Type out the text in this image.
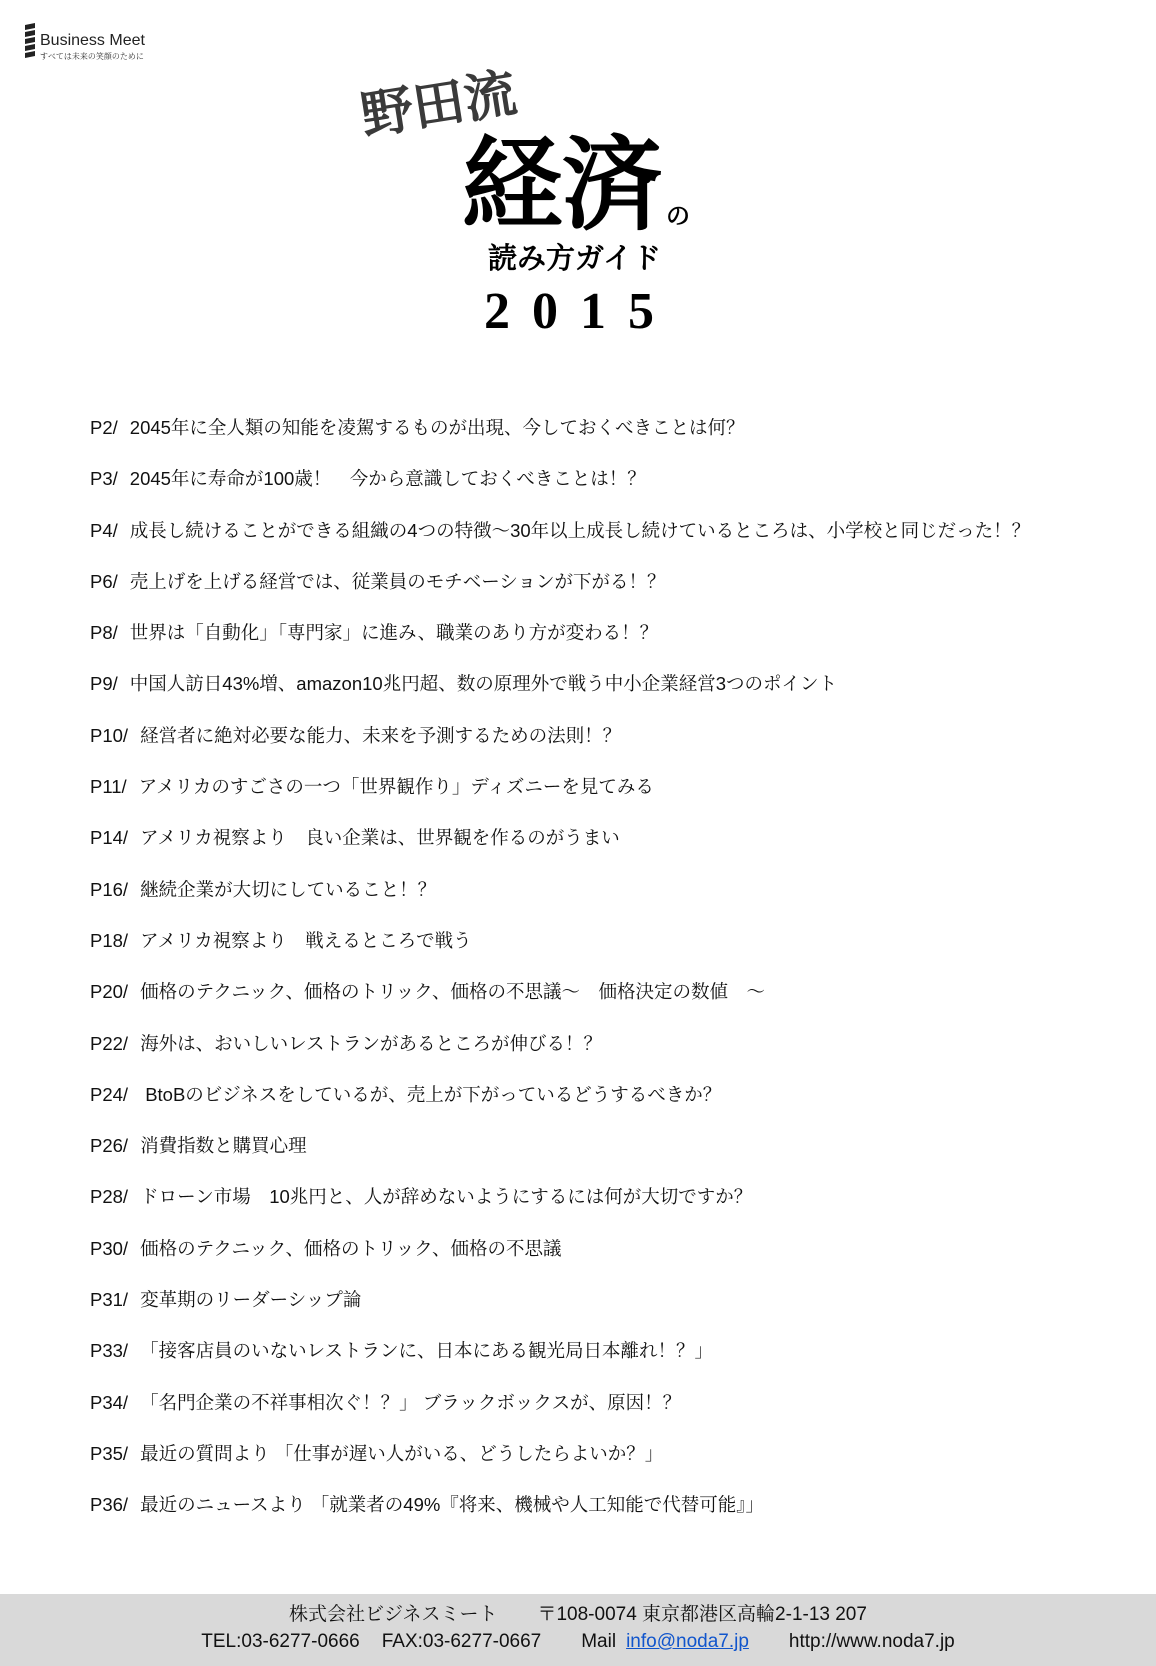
Business Meet
すべては未来の笑顔のために
野田流
経済 の
読み方ガイド
2015
P2/ 2045年に全人類の知能を凌駕するものが出現、今しておくべきことは何？
P3/ 2045年に寿命が100歳！　今から意識しておくべきことは！？
P4/ 成長し続けることができる組織の4つの特徴～30年以上成長し続けているところは、小学校と同じだった！？
P6/ 売上げを上げる経営では、従業員のモチベーションが下がる！？
P8/ 世界は「自動化」「専門家」に進み、職業のあり方が変わる！？
P9/ 中国人訪日43%増、amazon10兆円超、数の原理外で戦う中小企業経営3つのポイント
P10/ 経営者に絶対必要な能力、未来を予測するための法則！？
P11/ アメリカのすごさの一つ「世界観作り」ディズニーを見てみる
P14/ アメリカ視察より　良い企業は、世界観を作るのがうまい
P16/ 継続企業が大切にしていること！？
P18/ アメリカ視察より　戦えるところで戦う
P20/ 価格のテクニック、価格のトリック、価格の不思議～　価格決定の数値　～
P22/ 海外は、おいしいレストランがあるところが伸びる！？
P24/ BtoBのビジネスをしているが、売上が下がっているどうするべきか？
P26/ 消費指数と購買心理
P28/ ドローン市場　10兆円と、人が辞めないようにするには何が大切ですか？
P30/ 価格のテクニック、価格のトリック、価格の不思議
P31/ 変革期のリーダーシップ論
P33/ 「接客店員のいないレストランに、日本にある観光局日本離れ！？」
P34/ 「名門企業の不祥事相次ぐ！？」 ブラックボックスが、原因！？
P35/ 最近の質問より 「仕事が遅い人がいる、どうしたらよいか？」
P36/ 最近のニュースより 「就業者の49%『将来、機械や人工知能で代替可能』」
株式会社ビジネスミート 〒108-0074 東京都港区高輪2-1-13 207
TEL:03-6277-0666 FAX:03-6277-0667 Mail info@noda7.jp http://www.noda7.jp
